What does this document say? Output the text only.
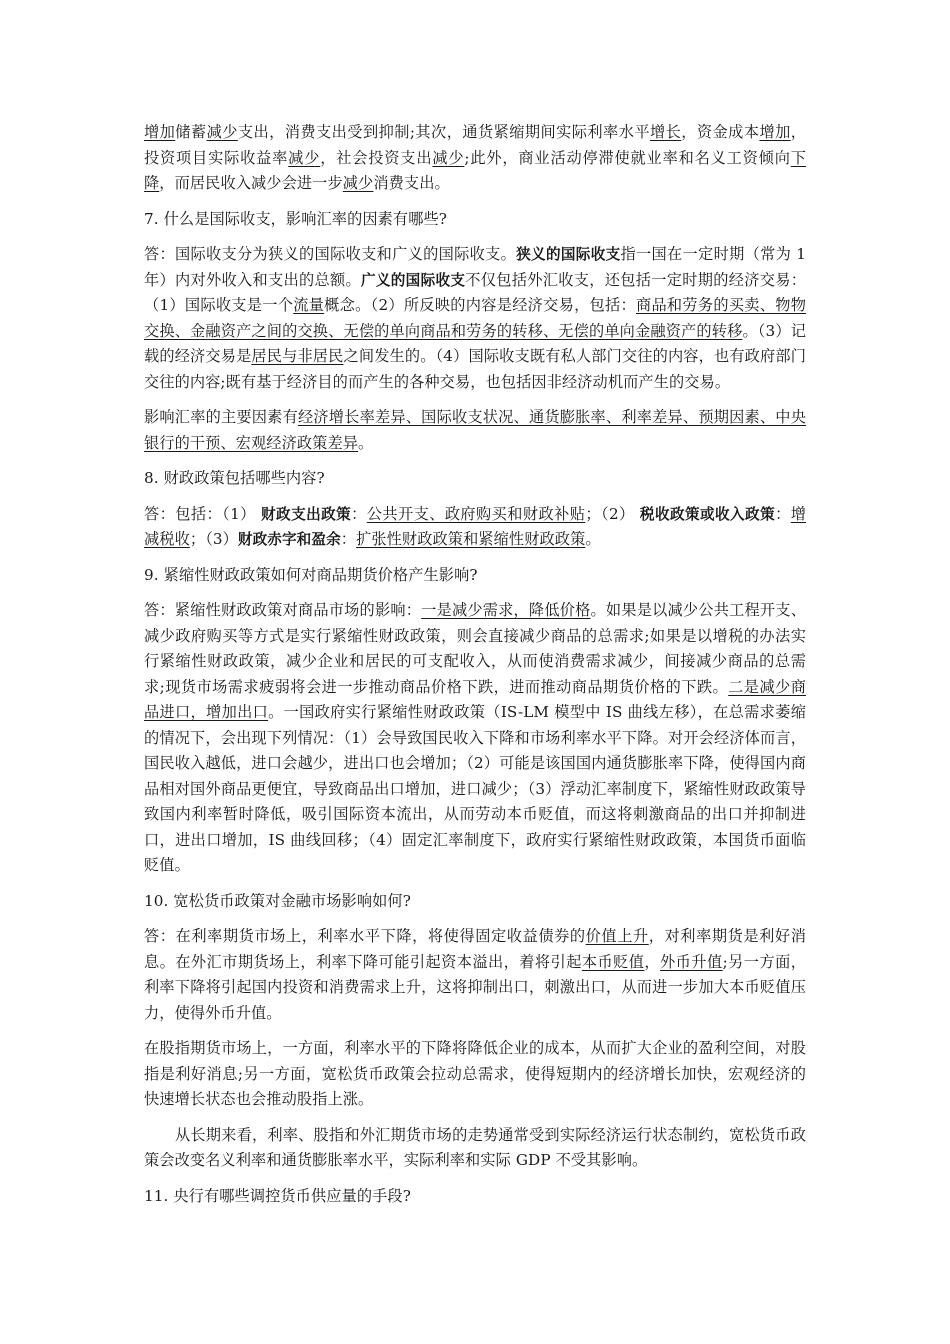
增加储蓄减少支出，消费支出受到抑制;其次，通货紧缩期间实际利率水平增长，资金成本增加，投资项目实际收益率减少，社会投资支出减少;此外，商业活动停滞使就业率和名义工资倾向下降，而居民收入减少会进一步减少消费支出。

7. 什么是国际收支，影响汇率的因素有哪些?

答：国际收支分为狭义的国际收支和广义的国际收支。狭义的国际收支指一国在一定时期（常为 1 年）内对外收入和支出的总额。广义的国际收支不仅包括外汇收支，还包括一定时期的经济交易：（1）国际收支是一个流量概念。（2）所反映的内容是经济交易，包括：商品和劳务的买卖、物物交换、金融资产之间的交换、无偿的单向商品和劳务的转移、无偿的单向金融资产的转移。（3）记载的经济交易是居民与非居民之间发生的。（4）国际收支既有私人部门交往的内容，也有政府部门交往的内容;既有基于经济目的而产生的各种交易，也包括因非经济动机而产生的交易。

影响汇率的主要因素有经济增长率差异、国际收支状况、通货膨胀率、利率差异、预期因素、中央银行的干预、宏观经济政策差异。

8. 财政政策包括哪些内容?

答：包括：（1） 财政支出政策：公共开支、政府购买和财政补贴；（2） 税收政策或收入政策：增减税收；（3）财政赤字和盈余：扩张性财政政策和紧缩性财政政策。

9. 紧缩性财政政策如何对商品期货价格产生影响?

答：紧缩性财政政策对商品市场的影响：一是减少需求，降低价格。如果是以减少公共工程开支、减少政府购买等方式是实行紧缩性财政政策，则会直接减少商品的总需求;如果是以增税的办法实行紧缩性财政政策，减少企业和居民的可支配收入，从而使消费需求减少，间接减少商品的总需求;现货市场需求疲弱将会进一步推动商品价格下跌，进而推动商品期货价格的下跌。二是减少商品进口，增加出口。一国政府实行紧缩性财政政策（IS-LM 模型中 IS 曲线左移），在总需求萎缩的情况下，会出现下列情况：（1）会导致国民收入下降和市场利率水平下降。对开会经济体而言，国民收入越低，进口会越少，进出口也会增加；（2）可能是该国国内通货膨胀率下降，使得国内商品相对国外商品更便宜，导致商品出口增加，进口减少；（3）浮动汇率制度下，紧缩性财政政策导致国内利率暂时降低，吸引国际资本流出，从而劳动本币贬值，而这将刺激商品的出口并抑制进口，进出口增加，IS 曲线回移；（4）固定汇率制度下，政府实行紧缩性财政政策，本国货币面临贬值。

10. 宽松货币政策对金融市场影响如何?

答：在利率期货市场上，利率水平下降，将使得固定收益债券的价值上升，对利率期货是利好消息。在外汇市期货场上，利率下降可能引起资本溢出，着将引起本币贬值，外币升值;另一方面，利率下降将引起国内投资和消费需求上升，这将抑制出口，刺激出口，从而进一步加大本币贬值压力，使得外币升值。

在股指期货市场上，一方面，利率水平的下降将降低企业的成本，从而扩大企业的盈利空间，对股指是利好消息;另一方面，宽松货币政策会拉动总需求，使得短期内的经济增长加快，宏观经济的快速增长状态也会推动股指上涨。

从长期来看，利率、股指和外汇期货市场的走势通常受到实际经济运行状态制约，宽松货币政策会改变名义利率和通货膨胀率水平，实际利率和实际 GDP 不受其影响。

11. 央行有哪些调控货币供应量的手段?
